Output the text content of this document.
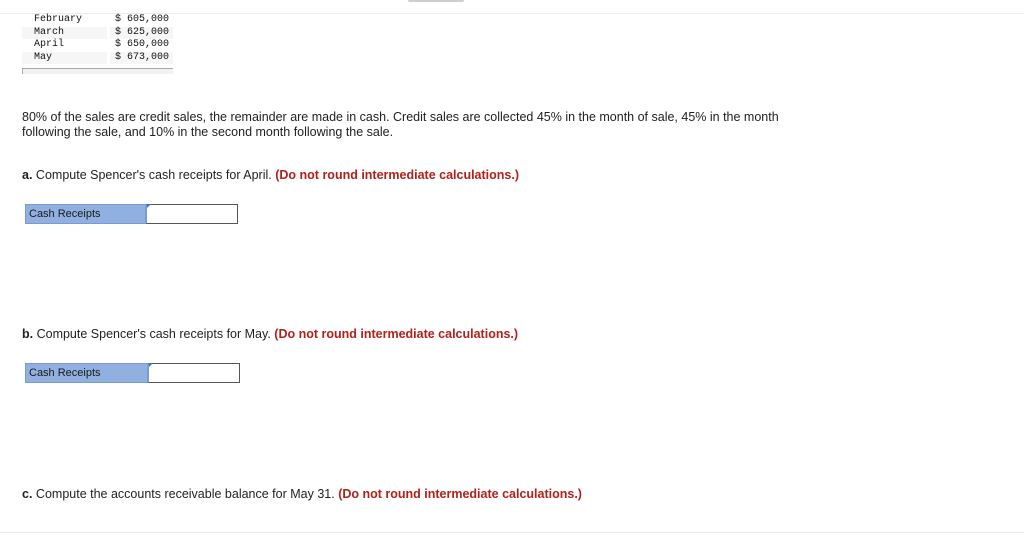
February	$ 605,000
March	$ 625,000
April	$ 650,000
May	$ 673,000

80% of the sales are credit sales, the remainder are made in cash. Credit sales are collected 45% in the month of sale, 45% in the month following the sale, and 10% in the second month following the sale.

a. Compute Spencer's cash receipts for April. (Do not round intermediate calculations.)

Cash Receipts

b. Compute Spencer's cash receipts for May. (Do not round intermediate calculations.)

Cash Receipts

c. Compute the accounts receivable balance for May 31. (Do not round intermediate calculations.)
